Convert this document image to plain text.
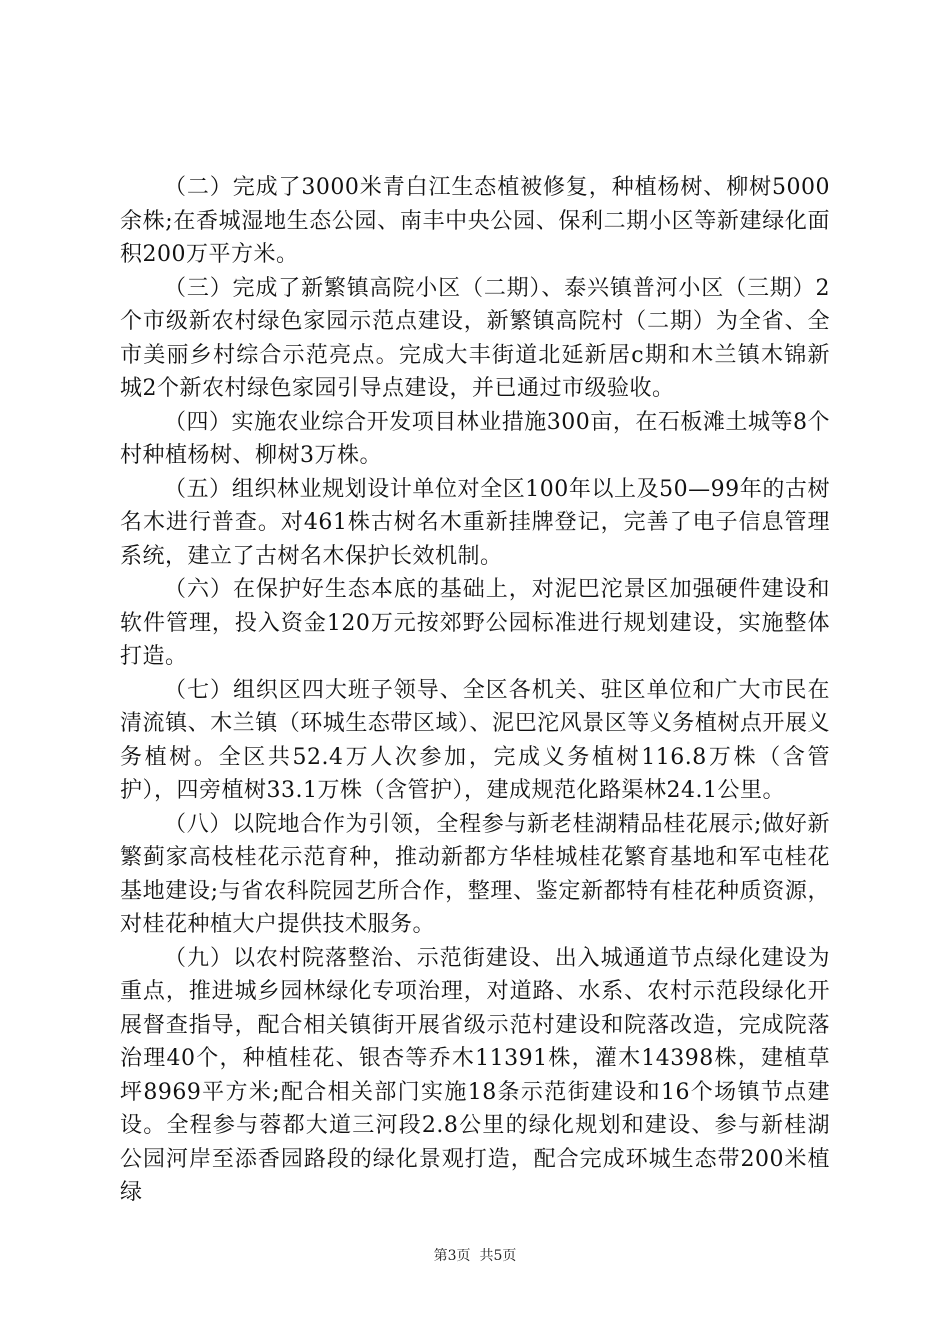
（二）完成了3000米青白江生态植被修复，种植杨树、柳树5000余株;在香城湿地生态公园、南丰中央公园、保利二期小区等新建绿化面积200万平方米。

（三）完成了新繁镇高院小区（二期）、泰兴镇普河小区（三期）2个市级新农村绿色家园示范点建设，新繁镇高院村（二期）为全省、全市美丽乡村综合示范亮点。完成大丰街道北延新居c期和木兰镇木锦新城2个新农村绿色家园引导点建设，并已通过市级验收。

（四）实施农业综合开发项目林业措施300亩，在石板滩土城等8个村种植杨树、柳树3万株。

（五）组织林业规划设计单位对全区100年以上及50—99年的古树名木进行普查。对461株古树名木重新挂牌登记，完善了电子信息管理系统，建立了古树名木保护长效机制。

（六）在保护好生态本底的基础上，对泥巴沱景区加强硬件建设和软件管理，投入资金120万元按郊野公园标准进行规划建设，实施整体打造。

（七）组织区四大班子领导、全区各机关、驻区单位和广大市民在清流镇、木兰镇（环城生态带区域）、泥巴沱风景区等义务植树点开展义务植树。全区共52.4万人次参加，完成义务植树116.8万株（含管护），四旁植树33.1万株（含管护），建成规范化路渠林24.1公里。

（八）以院地合作为引领，全程参与新老桂湖精品桂花展示;做好新繁蓟家高枝桂花示范育种，推动新都方华桂城桂花繁育基地和军屯桂花基地建设;与省农科院园艺所合作，整理、鉴定新都特有桂花种质资源，对桂花种植大户提供技术服务。

（九）以农村院落整治、示范街建设、出入城通道节点绿化建设为重点，推进城乡园林绿化专项治理，对道路、水系、农村示范段绿化开展督查指导，配合相关镇街开展省级示范村建设和院落改造，完成院落治理40个，种植桂花、银杏等乔木11391株，灌木14398株，建植草坪8969平方米;配合相关部门实施18条示范街建设和16个场镇节点建设。全程参与蓉都大道三河段2.8公里的绿化规划和建设、参与新桂湖公园河岸至添香园路段的绿化景观打造，配合完成环城生态带200米植绿

第3页 共5页
